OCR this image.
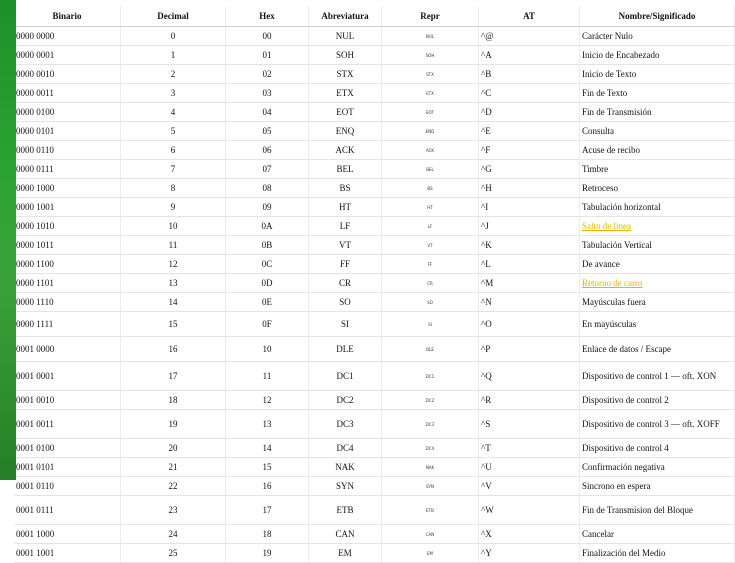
Binario	Decimal	Hex	Abreviatura	Repr	AT	Nombre/Significado
0000 0000	0	00	NUL	NUL	^@	Carácter Nulo
0000 0001	1	01	SOH	SOH	^A	Inicio de Encabezado
0000 0010	2	02	STX	STX	^B	Inicio de Texto
0000 0011	3	03	ETX	ETX	^C	Fin de Texto
0000 0100	4	04	EOT	EOT	^D	Fin de Transmisión
0000 0101	5	05	ENQ	ENQ	^E	Consulta
0000 0110	6	06	ACK	ACK	^F	Acuse de recibo
0000 0111	7	07	BEL	BEL	^G	Timbre
0000 1000	8	08	BS	BS	^H	Retroceso
0000 1001	9	09	HT	HT	^I	Tabulación horizontal
0000 1010	10	0A	LF	LF	^J	Salto de línea
0000 1011	11	0B	VT	VT	^K	Tabulación Vertical
0000 1100	12	0C	FF	FF	^L	De avance
0000 1101	13	0D	CR	CR	^M	Retorno de carro
0000 1110	14	0E	SO	SO	^N	Mayúsculas fuera
0000 1111	15	0F	SI	SI	^O	En mayúsculas
0001 0000	16	10	DLE	DLE	^P	Enlace de datos / Escape
0001 0001	17	11	DC1	DC1	^Q	Dispositivo de control 1 — oft. XON
0001 0010	18	12	DC2	DC2	^R	Dispositivo de control 2
0001 0011	19	13	DC3	DC3	^S	Dispositivo de control 3 — oft. XOFF
0001 0100	20	14	DC4	DC4	^T	Dispositivo de control 4
0001 0101	21	15	NAK	NAK	^U	Confirmación negativa
0001 0110	22	16	SYN	SYN	^V	Sincrono en espera
0001 0111	23	17	ETB	ETB	^W	Fin de Transmision del Bloque
0001 1000	24	18	CAN	CAN	^X	Cancelar
0001 1001	25	19	EM	EM	^Y	Finalización del Medio
